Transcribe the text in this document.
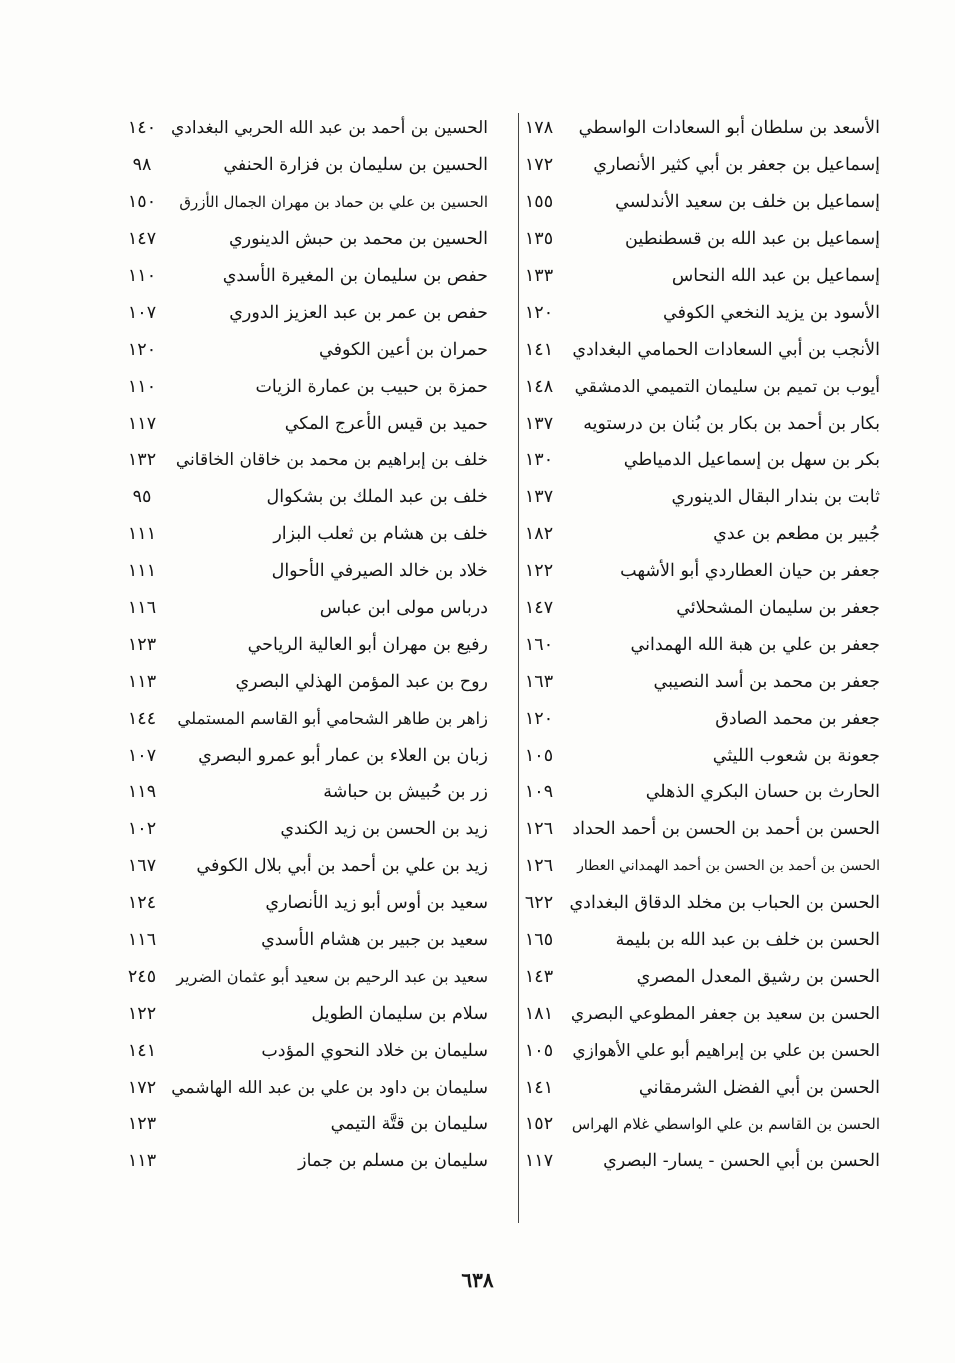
الأسعد بن سلطان أبو السعادات الواسطي
١٧٨
إسماعيل بن جعفر بن أبي كثير الأنصاري
١٧٢
إسماعيل بن خلف بن سعيد الأندلسي
١٥٥
إسماعيل بن عبد الله بن قسطنطين
١٣٥
إسماعيل بن عبد الله النحاس
١٣٣
الأسود بن يزيد النخعي الكوفي
١٢٠
الأنجب بن أبي السعادات الحمامي البغدادي
١٤١
أيوب بن تميم بن سليمان التميمي الدمشقي
١٤٨
بكار بن أحمد بن بكار بن بُنان بن درستويه
١٣٧
بكر بن سهل بن إسماعيل الدمياطي
١٣٠
ثابت بن بندار البقال الدينوري
١٣٧
جُبير بن مطعم بن عدي
١٨٢
جعفر بن حيان العطاردي أبو الأشهب
١٢٢
جعفر بن سليمان المشحلائي
١٤٧
جعفر بن علي بن هبة الله الهمداني
١٦٠
جعفر بن محمد بن أسد النصيبي
١٦٣
جعفر بن محمد الصادق
١٢٠
جعونة بن شعوب الليثي
١٠٥
الحارث بن حسان البكري الذهلي
١٠٩
الحسن بن أحمد بن الحسن بن أحمد الحداد
١٢٦
الحسن بن أحمد بن الحسن بن أحمد الهمداني العطار
١٢٦
الحسن بن الحباب بن مخلد الدقاق البغدادي
٦٢٢
الحسن بن خلف بن عبد الله بن بليمة
١٦٥
الحسن بن رشيق المعدل المصري
١٤٣
الحسن بن سعيد بن جعفر المطوعي البصري
١٨١
الحسن بن علي بن إبراهيم أبو علي الأهوازي
١٠٥
الحسن بن أبي الفضل الشرمقاني
١٤١
الحسن بن القاسم بن علي الواسطي غلام الهراس
١٥٢
الحسن بن أبي الحسن - يسار- البصري
١١٧
الحسين بن أحمد بن عبد الله الحربي البغدادي
١٤٠
الحسين بن سليمان بن فزارة الحنفي
٩٨
الحسين بن علي بن حماد بن مهران الجمال الأزرق
١٥٠
الحسين بن محمد بن حبش الدينوري
١٤٧
حفص بن سليمان بن المغيرة الأسدي
١١٠
حفص بن عمر بن عبد العزيز الدوري
١٠٧
حمران بن أعين الكوفي
١٢٠
حمزة بن حبيب بن عمارة الزيات
١١٠
حميد بن قيس الأعرج المكي
١١٧
خلف بن إبراهيم بن محمد بن خاقان الخاقاني
١٣٢
خلف بن عبد الملك بن بشكوال
٩٥
خلف بن هشام بن ثعلب البزار
١١١
خلاد بن خالد الصيرفي الأحوال
١١١
درباس مولى ابن عباس
١١٦
رفيع بن مهران أبو العالية الرياحي
١٢٣
روح بن عبد المؤمن الهذلي البصري
١١٣
زاهر بن طاهر الشحامي أبو القاسم المستملي
١٤٤
زبان بن العلاء بن عمار أبو عمرو البصري
١٠٧
زر بن حُبيش بن حباشة
١١٩
زيد بن الحسن بن زيد الكندي
١٠٢
زيد بن علي بن أحمد بن أبي بلال الكوفي
١٦٧
سعيد بن أوس أبو زيد الأنصاري
١٢٤
سعيد بن جبير بن هشام الأسدي
١١٦
سعيد بن عبد الرحيم بن سعيد أبو عثمان الضرير
٢٤٥
سلام بن سليمان الطويل
١٢٢
سليمان بن خلاد النحوي المؤدب
١٤١
سليمان بن داود بن علي بن عبد الله الهاشمي
١٧٢
سليمان بن قتَّة التيمي
١٢٣
سليمان بن مسلم بن جماز
١١٣
٦٣٨
